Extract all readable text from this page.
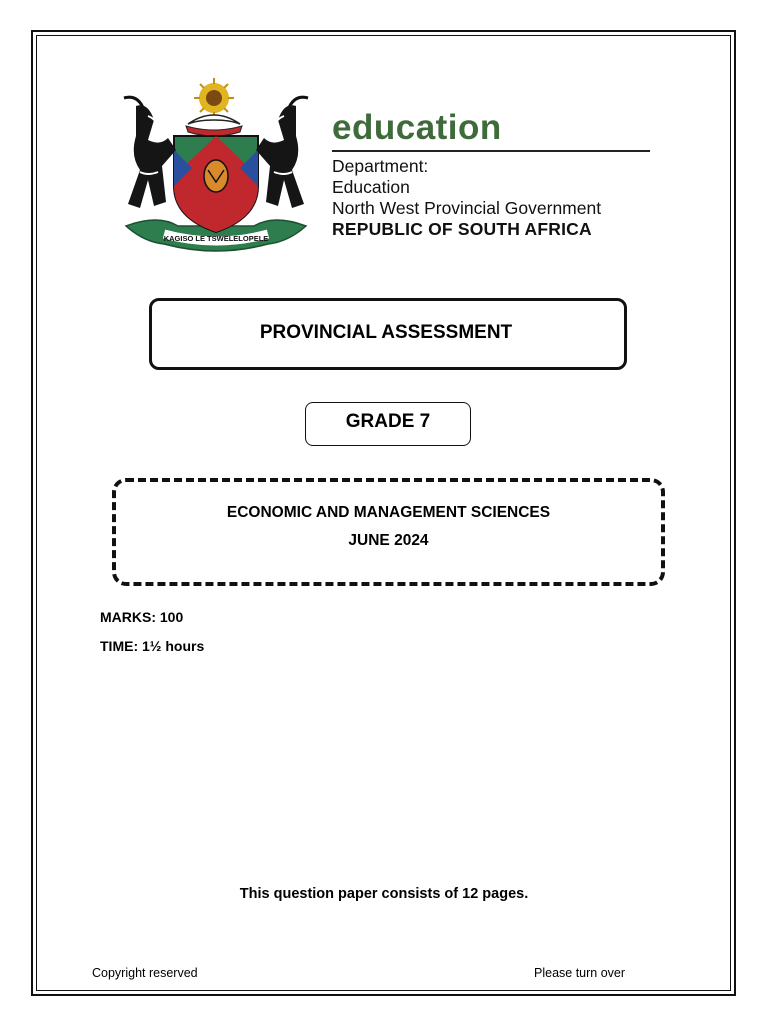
KAGISO LE TSWELELOPELE
education
Department:
Education
North West Provincial Government
REPUBLIC OF SOUTH AFRICA
PROVINCIAL ASSESSMENT
GRADE 7
ECONOMIC AND MANAGEMENT SCIENCES
JUNE 2024
MARKS: 100
TIME: 1½ hours
This question paper consists of 12 pages.
Copyright reserved	Please turn over
